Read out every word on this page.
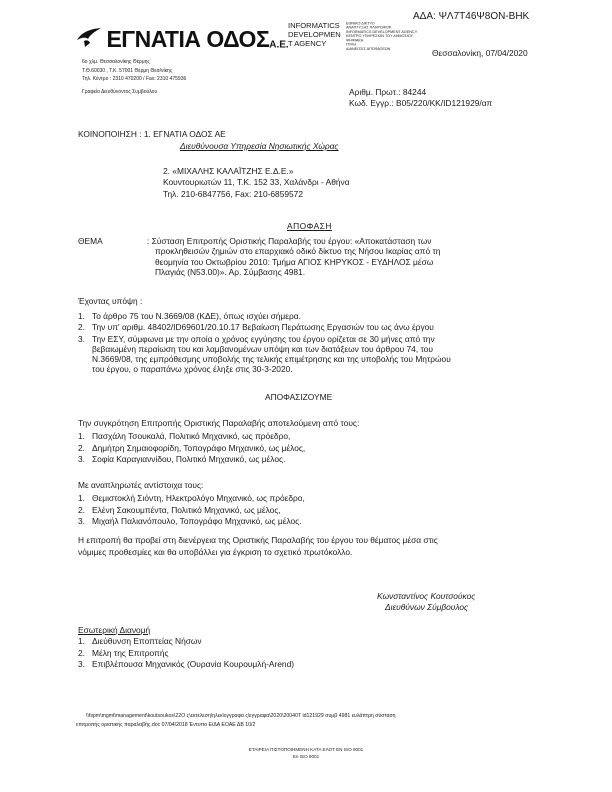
ΑΔΑ: ΨΛ7Τ46Ψ8ΟΝ-ΒΗΚ
ΕΓΝΑΤΙΑ $O\Delta O\Sigma_{A.E.}$
INFORMATICS
DEVELOPMEN
T AGENCY
ΕΘΝΙΚΟ ΔΙΚΤΥΟ
ΑΝΑΠΤΥΞΗΣ ΠΛΗΡΟΦΟΡ.
INFORMATICS DEVELOPMENT AGENCY
ΚΕΝΤΡΟ ΥΠΗΡΕΣΙΩΝ ΤΟΥ ΔΗΜΟΣΙΟΥ
ΨΗΦΙΑΚΗ
ΠΥΛΗ
ΔΙΑΝΕΟΣΙΣ ΑΠΟΦΑΣΕΩΝ	Θεσσαλονίκη, 07/04/2020
6ο χλμ. Θεσσαλονίκης Θέρμης
Τ.Θ.60030 , Τ.Κ. 57001 Θέρμη Θεσ/νίκης
Τηλ. Κέντρο : 2310 470200 / Fax: 2310 475936
Γραφείο Διευθύνοντος Συμβούλου	Αριθμ. Πρωτ.: 84244
Κωδ. Εγγρ.: Β05/220/ΚΚ/ID121929/απ
ΚΟΙΝΟΠΟΙΗΣΗ : 1. ΕΓΝΑΤΙΑ ΟΔΟΣ ΑΕ
Διευθύνουσα Υπηρεσία Νησιωτικής Χώρας
2. «ΜΙΧΑΛΗΣ ΚΑΛΑΪΤΖΗΣ Ε.Δ.Ε.»
Κουντουριωτών 11, Τ.Κ. 152 33, Χαλάνδρι - Αθήνα
Τηλ. 210-6847756, Fax: 210-6859572
ΑΠΟΦΑΣΗ
ΘΕΜΑ	: Σύσταση Επιτροπής Οριστικής Παραλαβής του έργου: «Αποκατάσταση των
προκληθεισών ζημιών στο επαρχιακό οδικό δίκτυο της Νήσου Ικαρίας από τη
θεομηνία του Οκτωβρίου 2010: Τμήμα ΑΓΙΟΣ ΚΗΡΥΚΟΣ - ΕΥΔΗΛΟΣ μέσω
Πλαγιάς (Ν53.00)». Αρ. Σύμβασης 4981.
Έχοντας υπόψη :
1. Το άρθρο 75 του Ν.3669/08 (ΚΔΕ), όπως ισχύει σήμερα.
2. Την υπ' αριθμ. 48402/ID69601/20.10.17 Βεβαίωση Περάτωσης Εργασιών του ως άνω έργου
3. Την ΕΣΥ, σύμφωνα με την οποία ο χρόνος εγγύησης του έργου ορίζεται σε 30 μήνες από την
βεβαιωμένη περαίωση του και λαμβανομένων υπόψη και των διατάξεων του άρθρου 74, του
Ν.3669/08, της εμπρόθεσμης υποβολής της τελικής επιμέτρησης και της υποβολής του Μητρώου
του έργου, ο παραπάνω χρόνος έληξε στις 30-3-2020.
ΑΠΟΦΑΣΙΖΟΥΜΕ
Την συγκρότηση Επιτροπής Οριστικής Παραλαβής αποτελούμενη από τους:
1. Πασχάλη Τσουκαλά, Πολιτικό Μηχανικό, ως πρόεδρο,
2. Δημήτρη Σημαιοφορίδη, Τοπογράφο Μηχανικό, ως μέλος,
3. Σοφία Καραγιαννίδου, Πολιτικό Μηχανικό, ως μέλος.
Με αναπληρωτές αντίστοιχα τους:
1. Θεμιστοκλή Σιόντη, Ηλεκτρολόγο Μηχανικό, ως πρόεδρο,
2. Ελένη Σακουμπέντα, Πολιτικό Μηχανικό, ως μέλος,
3. Μιχαήλ Παλιανόπουλο, Τοπογράφο Μηχανικό, ως μέλος.
Η επιτροπή θα προβεί στη διενέργεια της Οριστικής Παραλαβής του έργου του θέματος μέσα στις
νόμιμες προθεσμίες και θα υποβάλλει για έγκριση το σχετικό πρωτόκολλο.
Κωνσταντίνος Κουτσούκος
Διευθύνων Σύμβουλος
Εσωτερική Διανομή
1. Διεύθυνση Εποπτείας Νήσων
2. Μέλη της Επιτροπής
3. Επιβλέπουσα Μηχανικός (Ουρανία Κουρουμλή-Arend)
\\fspm\mgmt\management\koutsoukos\22Ο ς\εκτελεση\ηλεκ\εγγραφα ς\εγγραφα\2020\20040Τ id121929 συμβ 4981 ευλάπτρη σύσταση
επιτροπής οριστικής παραλαβής.doc 07/04/2018 Έντυπο Ε/ΔΑ ΕΟΑΕ ΔΒ 10/2
ΕΤΑΙΡΕΙΑ ΠΙΣΤΟΠΟΙΗΜΕΝΗ ΚΑΤΑ ΕΛΟΤ ΕΝ ISO 9001
En ISO 9001
